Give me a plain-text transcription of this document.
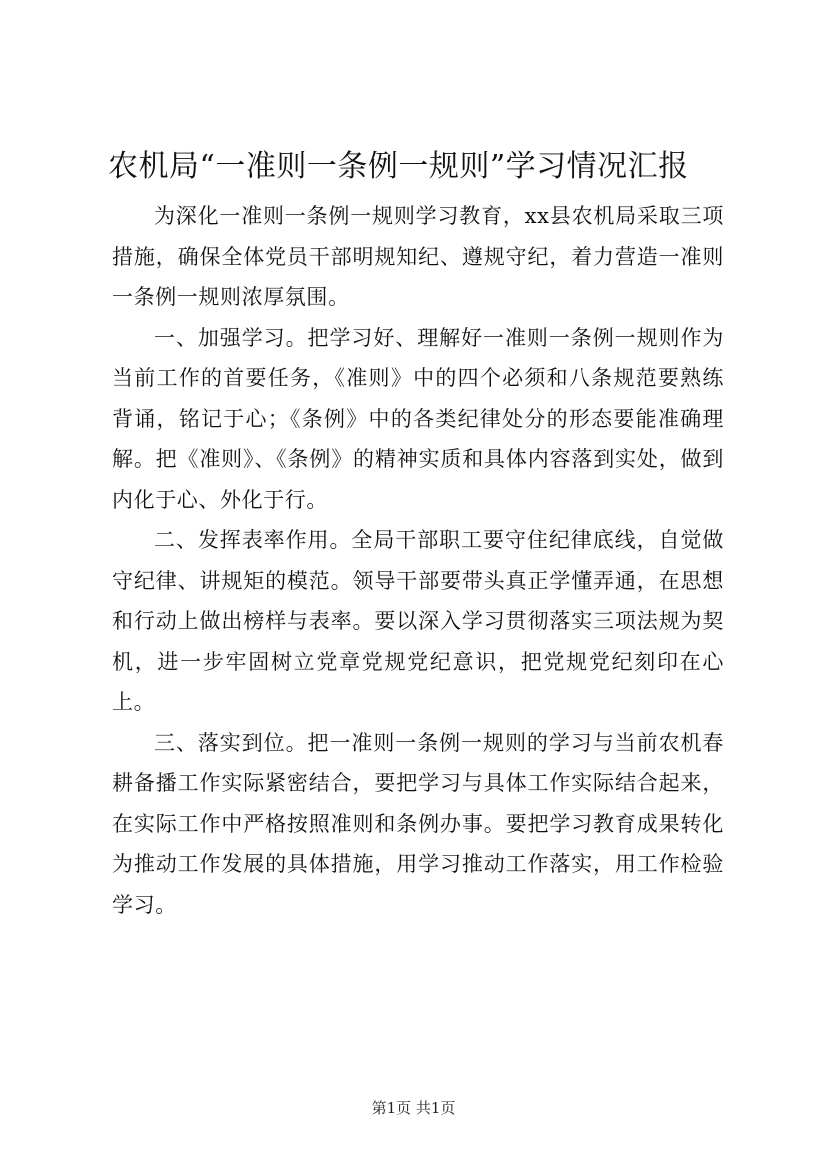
农机局“一准则一条例一规则”学习情况汇报

为深化一准则一条例一规则学习教育，xx县农机局采取三项措施，确保全体党员干部明规知纪、遵规守纪，着力营造一准则一条例一规则浓厚氛围。

一、加强学习。把学习好、理解好一准则一条例一规则作为当前工作的首要任务，《准则》中的四个必须和八条规范要熟练背诵，铭记于心；《条例》中的各类纪律处分的形态要能准确理解。把《准则》、《条例》的精神实质和具体内容落到实处，做到内化于心、外化于行。

二、发挥表率作用。全局干部职工要守住纪律底线，自觉做守纪律、讲规矩的模范。领导干部要带头真正学懂弄通，在思想和行动上做出榜样与表率。要以深入学习贯彻落实三项法规为契机，进一步牢固树立党章党规党纪意识，把党规党纪刻印在心上。

三、落实到位。把一准则一条例一规则的学习与当前农机春耕备播工作实际紧密结合，要把学习与具体工作实际结合起来，在实际工作中严格按照准则和条例办事。要把学习教育成果转化为推动工作发展的具体措施，用学习推动工作落实，用工作检验学习。

第1页 共1页
